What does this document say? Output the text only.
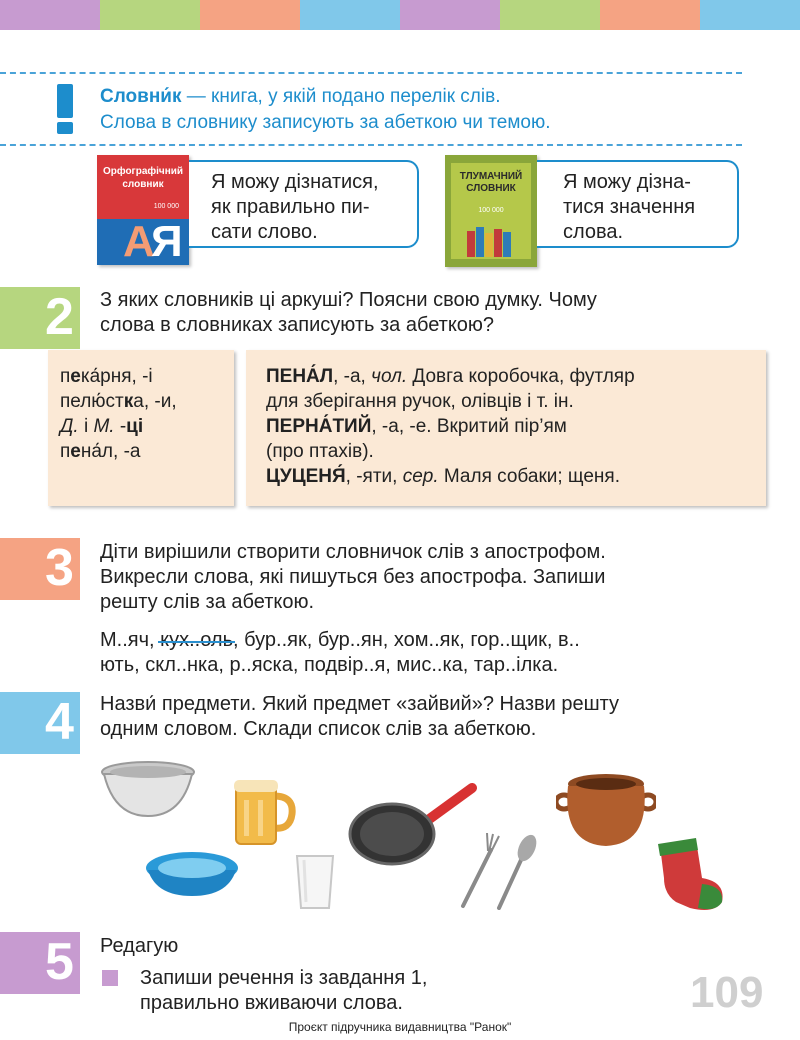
Словни́к — книга, у якій подано перелік слів.
Слова в словнику записують за абеткою чи темою.
Орфографічний
словник
100 000
А
Я
Я можу дізнатися,
як правильно пи-
сати слово.
ТЛУМАЧНИЙ
СЛОВНИК
100 000
Я можу дізна-
тися значення
слова.
2 З яких словників ці аркуші? Поясни свою думку. Чому
слова в словниках записують за абеткою?
пека́рня, -і
пелю́стка, -и,
Д. і М. -ці
пена́л, -а
ПЕНА́Л, -а, чол. Довга коробочка, футляр
для зберігання ручок, олівців і т. ін.
ПЕРНА́ТИЙ, -а, -е. Вкритий пір’ям
(про птахів).
ЦУЦЕНЯ́, -яти, сер. Маля собаки; щеня.
3 Діти вирішили створити словничок слів з апострофом.
Викресли слова, які пишуться без апострофа. Запиши
решту слів за абеткою.
М..яч, кух..оль, бур..як, бур..ян, хом..як, гор..щик, в..
ють, скл..нка, р..яска, подвір..я, мис..ка, тар..ілка.
4 Назви́ предмети. Який предмет «зайвий»? Назви решту
одним словом. Склади список слів за абеткою.
5 Редагую
Запиши речення із завдання 1,
правильно вживаючи слова.	109
Проєкт підручника видавництва "Ранок"
